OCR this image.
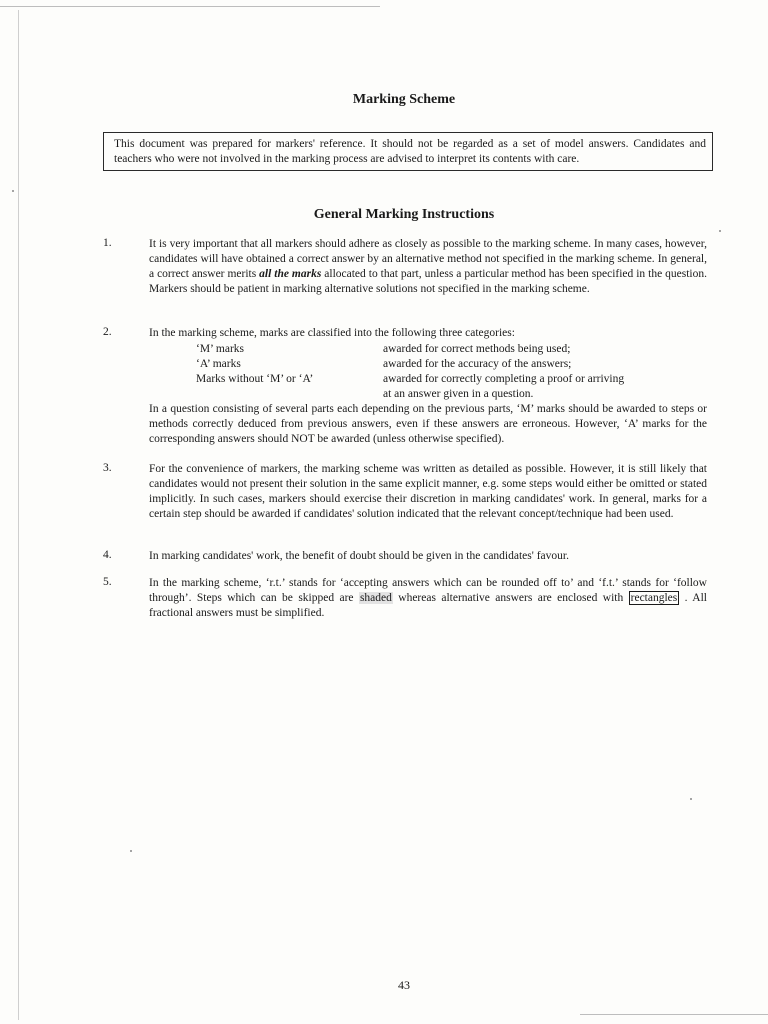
Marking Scheme
This document was prepared for markers' reference. It should not be regarded as a set of model answers. Candidates and teachers who were not involved in the marking process are advised to interpret its contents with care.
General Marking Instructions
1.	It is very important that all markers should adhere as closely as possible to the marking scheme. In many cases, however, candidates will have obtained a correct answer by an alternative method not specified in the marking scheme. In general, a correct answer merits all the marks allocated to that part, unless a particular method has been specified in the question. Markers should be patient in marking alternative solutions not specified in the marking scheme.

2.	In the marking scheme, marks are classified into the following three categories:
‘M’ marks	awarded for correct methods being used;
‘A’ marks	awarded for the accuracy of the answers;
Marks without ‘M’ or ‘A’	awarded for correctly completing a proof or arriving
at an answer given in a question.
In a question consisting of several parts each depending on the previous parts, ‘M’ marks should be awarded to steps or methods correctly deduced from previous answers, even if these answers are erroneous. However, ‘A’ marks for the corresponding answers should NOT be awarded (unless otherwise specified).
3.	For the convenience of markers, the marking scheme was written as detailed as possible. However, it is still likely that candidates would not present their solution in the same explicit manner, e.g. some steps would either be omitted or stated implicitly. In such cases, markers should exercise their discretion in marking candidates' work. In general, marks for a certain step should be awarded if candidates' solution indicated that the relevant concept/technique had been used.
4.	In marking candidates' work, the benefit of doubt should be given in the candidates' favour.
5.	In the marking scheme, ‘r.t.’ stands for ‘accepting answers which can be rounded off to’ and ‘f.t.’ stands for ‘follow through’. Steps which can be skipped are shaded whereas alternative answers are enclosed with rectangles . All fractional answers must be simplified.

43
